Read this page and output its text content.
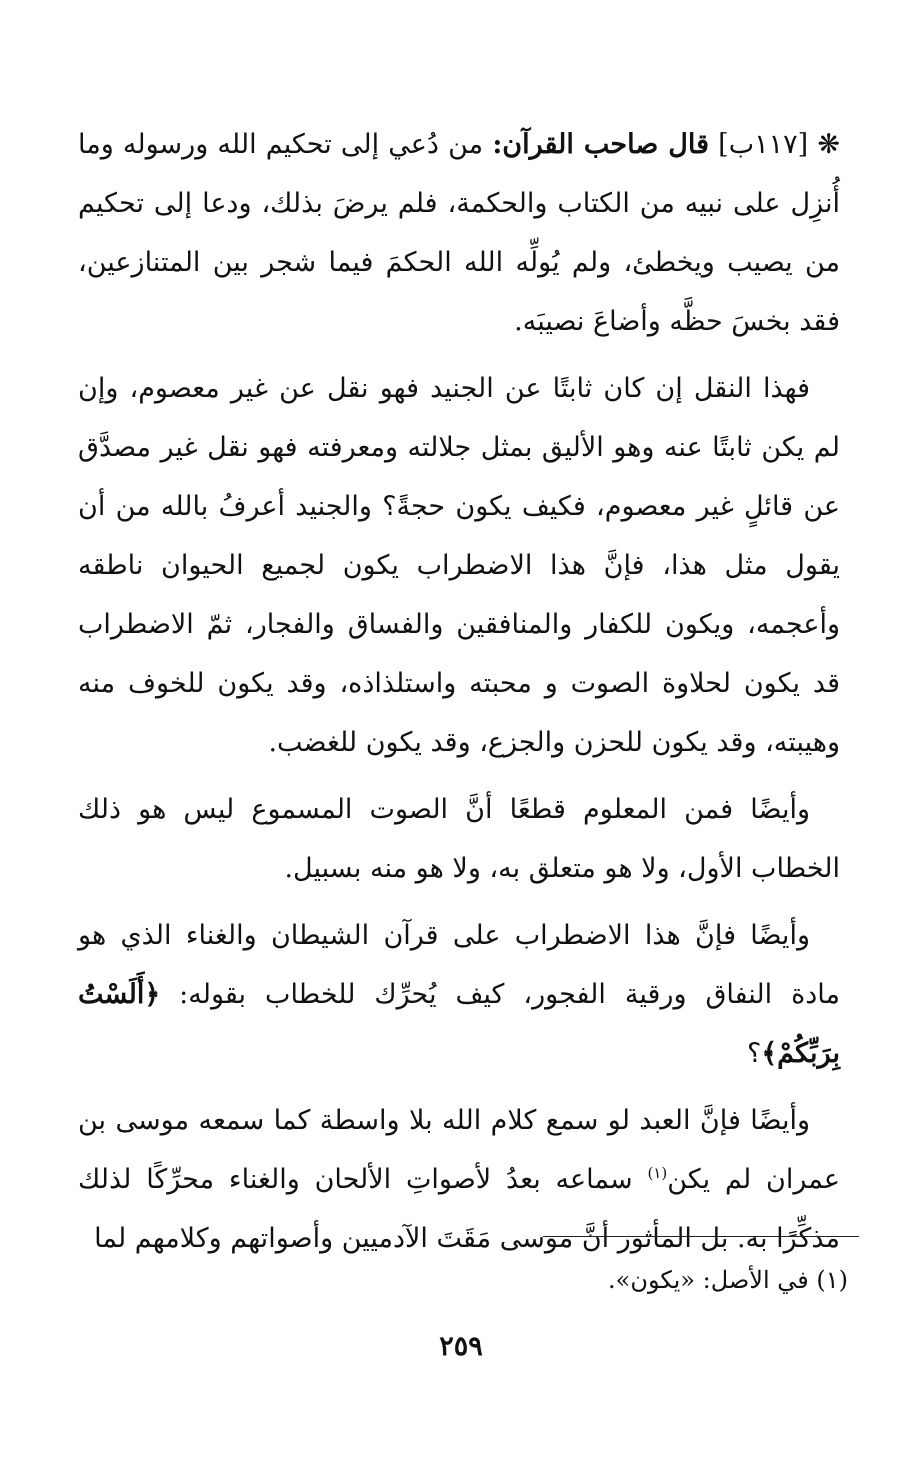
❋ [١١٧ب] قال صاحب القرآن: من دُعي إلى تحكيم الله ورسوله وما أُنزِل على نبيه من الكتاب والحكمة، فلم يرضَ بذلك، ودعا إلى تحكيم من يصيب ويخطئ، ولم يُولِّه الله الحكمَ فيما شجر بين المتنازعين، فقد بخسَ حظَّه وأضاعَ نصيبَه.

فهذا النقل إن كان ثابتًا عن الجنيد فهو نقل عن غير معصوم، وإن لم يكن ثابتًا عنه وهو الأليق بمثل جلالته ومعرفته فهو نقل غير مصدَّق عن قائلٍ غير معصوم، فكيف يكون حجةً؟ والجنيد أعرفُ بالله من أن يقول مثل هذا، فإنَّ هذا الاضطراب يكون لجميع الحيوان ناطقه وأعجمه، ويكون للكفار والمنافقين والفساق والفجار، ثمّ الاضطراب قد يكون لحلاوة الصوت و محبته واستلذاذه، وقد يكون للخوف منه وهيبته، وقد يكون للحزن والجزع، وقد يكون للغضب.

وأيضًا فمن المعلوم قطعًا أنَّ الصوت المسموع ليس هو ذلك الخطاب الأول، ولا هو متعلق به، ولا هو منه بسبيل.

وأيضًا فإنَّ هذا الاضطراب على قرآن الشيطان والغناء الذي هو مادة النفاق ورقية الفجور، كيف يُحرِّك للخطاب بقوله: ﴿أَلَسْتُ بِرَبِّكُمْ﴾؟

وأيضًا فإنَّ العبد لو سمع كلام الله بلا واسطة كما سمعه موسى بن عمران لم يكن$^{(١)}$ سماعه بعدُ لأصواتِ الألحان والغناء محرِّكًا لذلك مذكِّرًا به. بل المأثور أنَّ موسى مَقَتَ الآدميين وأصواتهم وكلامهم لما

(١) في الأصل: «يكون».
٢٥٩
